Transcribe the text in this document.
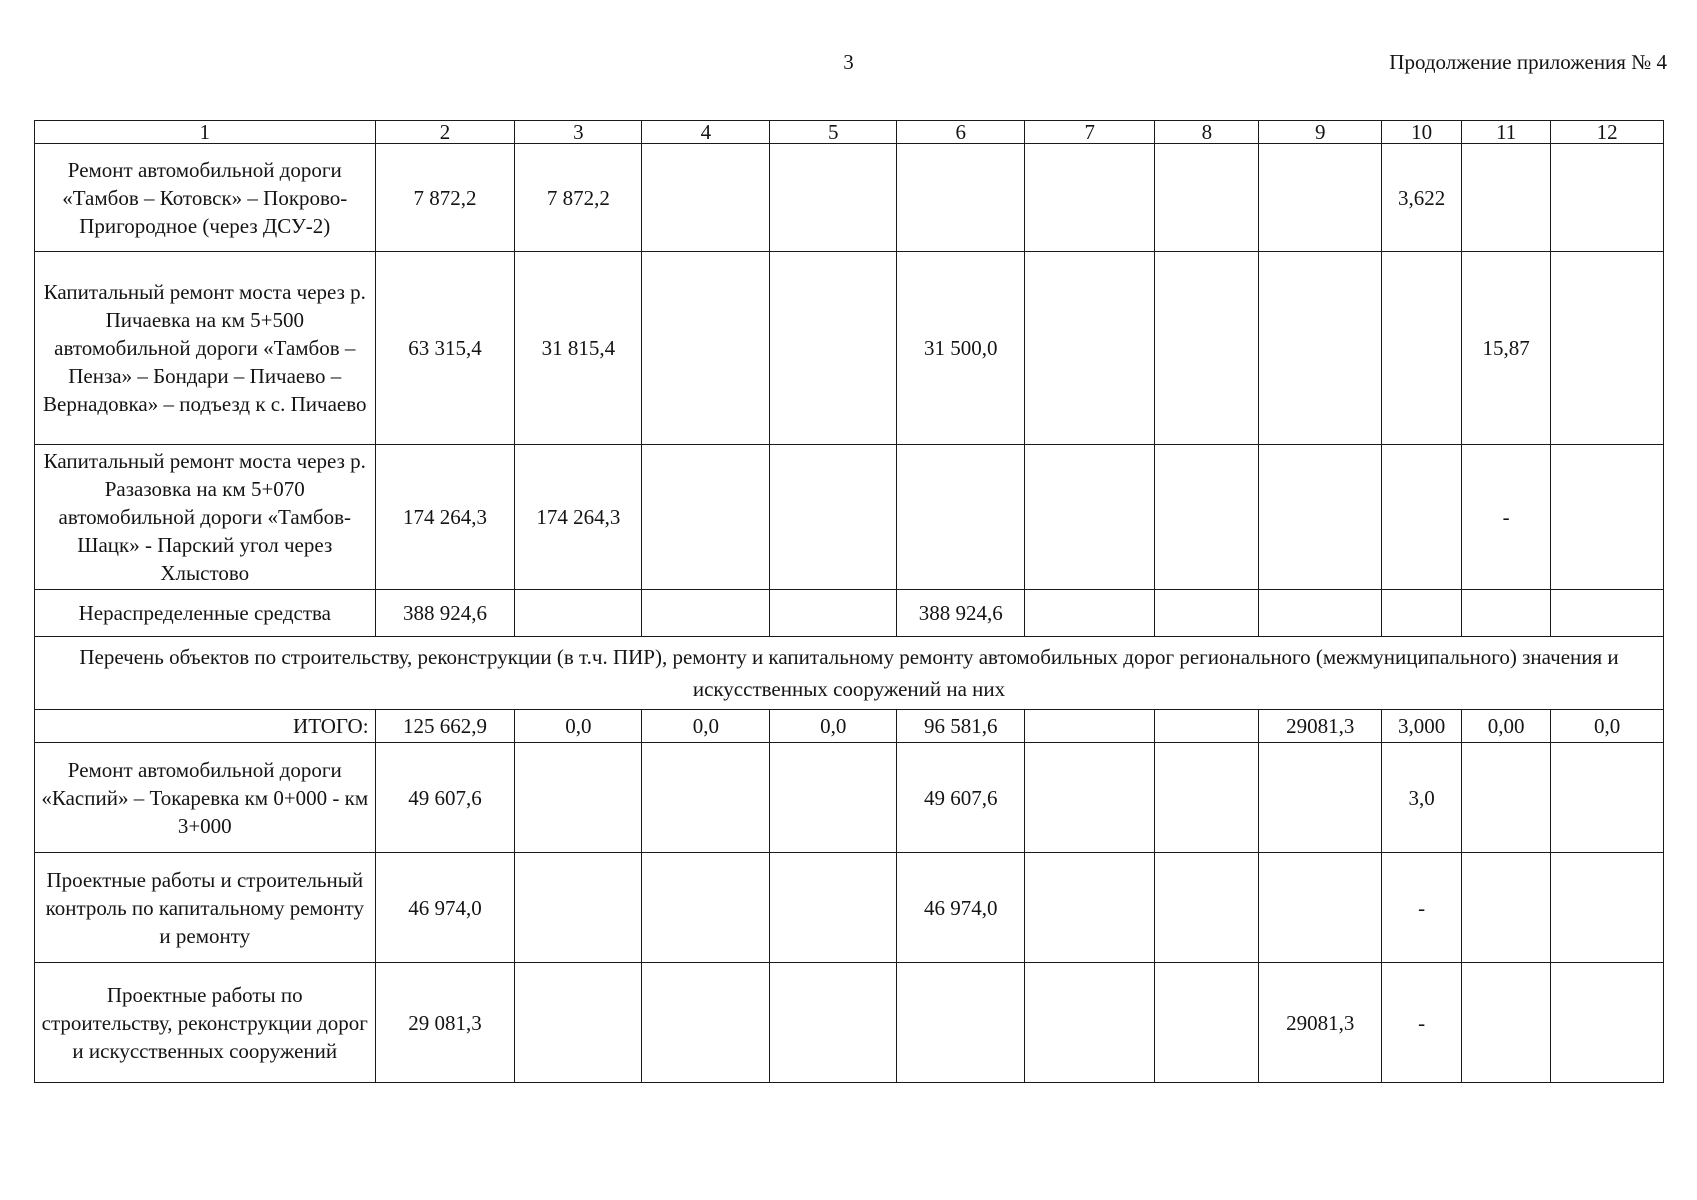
3	Продолжение приложения № 4
1	2	3	4	5	6	7	8	9	10	11	12
Ремонт автомобильной дороги «Тамбов – Котовск» – Покрово-Пригородное (через ДСУ-2)	7 872,2	7 872,2							3,622		
Капитальный ремонт моста через р. Пичаевка на км 5+500 автомобильной дороги «Тамбов – Пенза» – Бондари – Пичаево – Вернадовка» – подъезд к с. Пичаево	63 315,4	31 815,4			31 500,0					15,87	
Капитальный ремонт моста через р. Разазовка на км 5+070 автомобильной дороги «Тамбов-Шацк» - Парский угол через Хлыстово	174 264,3	174 264,3								-	
Нераспределенные средства	388 924,6				388 924,6						
Перечень объектов по строительству, реконструкции (в т.ч. ПИР), ремонту и капитальному ремонту автомобильных дорог регионального (межмуниципального) значения и искусственных сооружений на них											
ИТОГО:	125 662,9	0,0	0,0	0,0	96 581,6			29081,3	3,000	0,00	0,0
Ремонт автомобильной дороги «Каспий» – Токаревка км 0+000 - км 3+000	49 607,6				49 607,6				3,0		
Проектные работы и строительный контроль по капитальному ремонту и ремонту	46 974,0				46 974,0				-		
Проектные работы по строительству, реконструкции дорог и искусственных сооружений	29 081,3							29081,3	-		
